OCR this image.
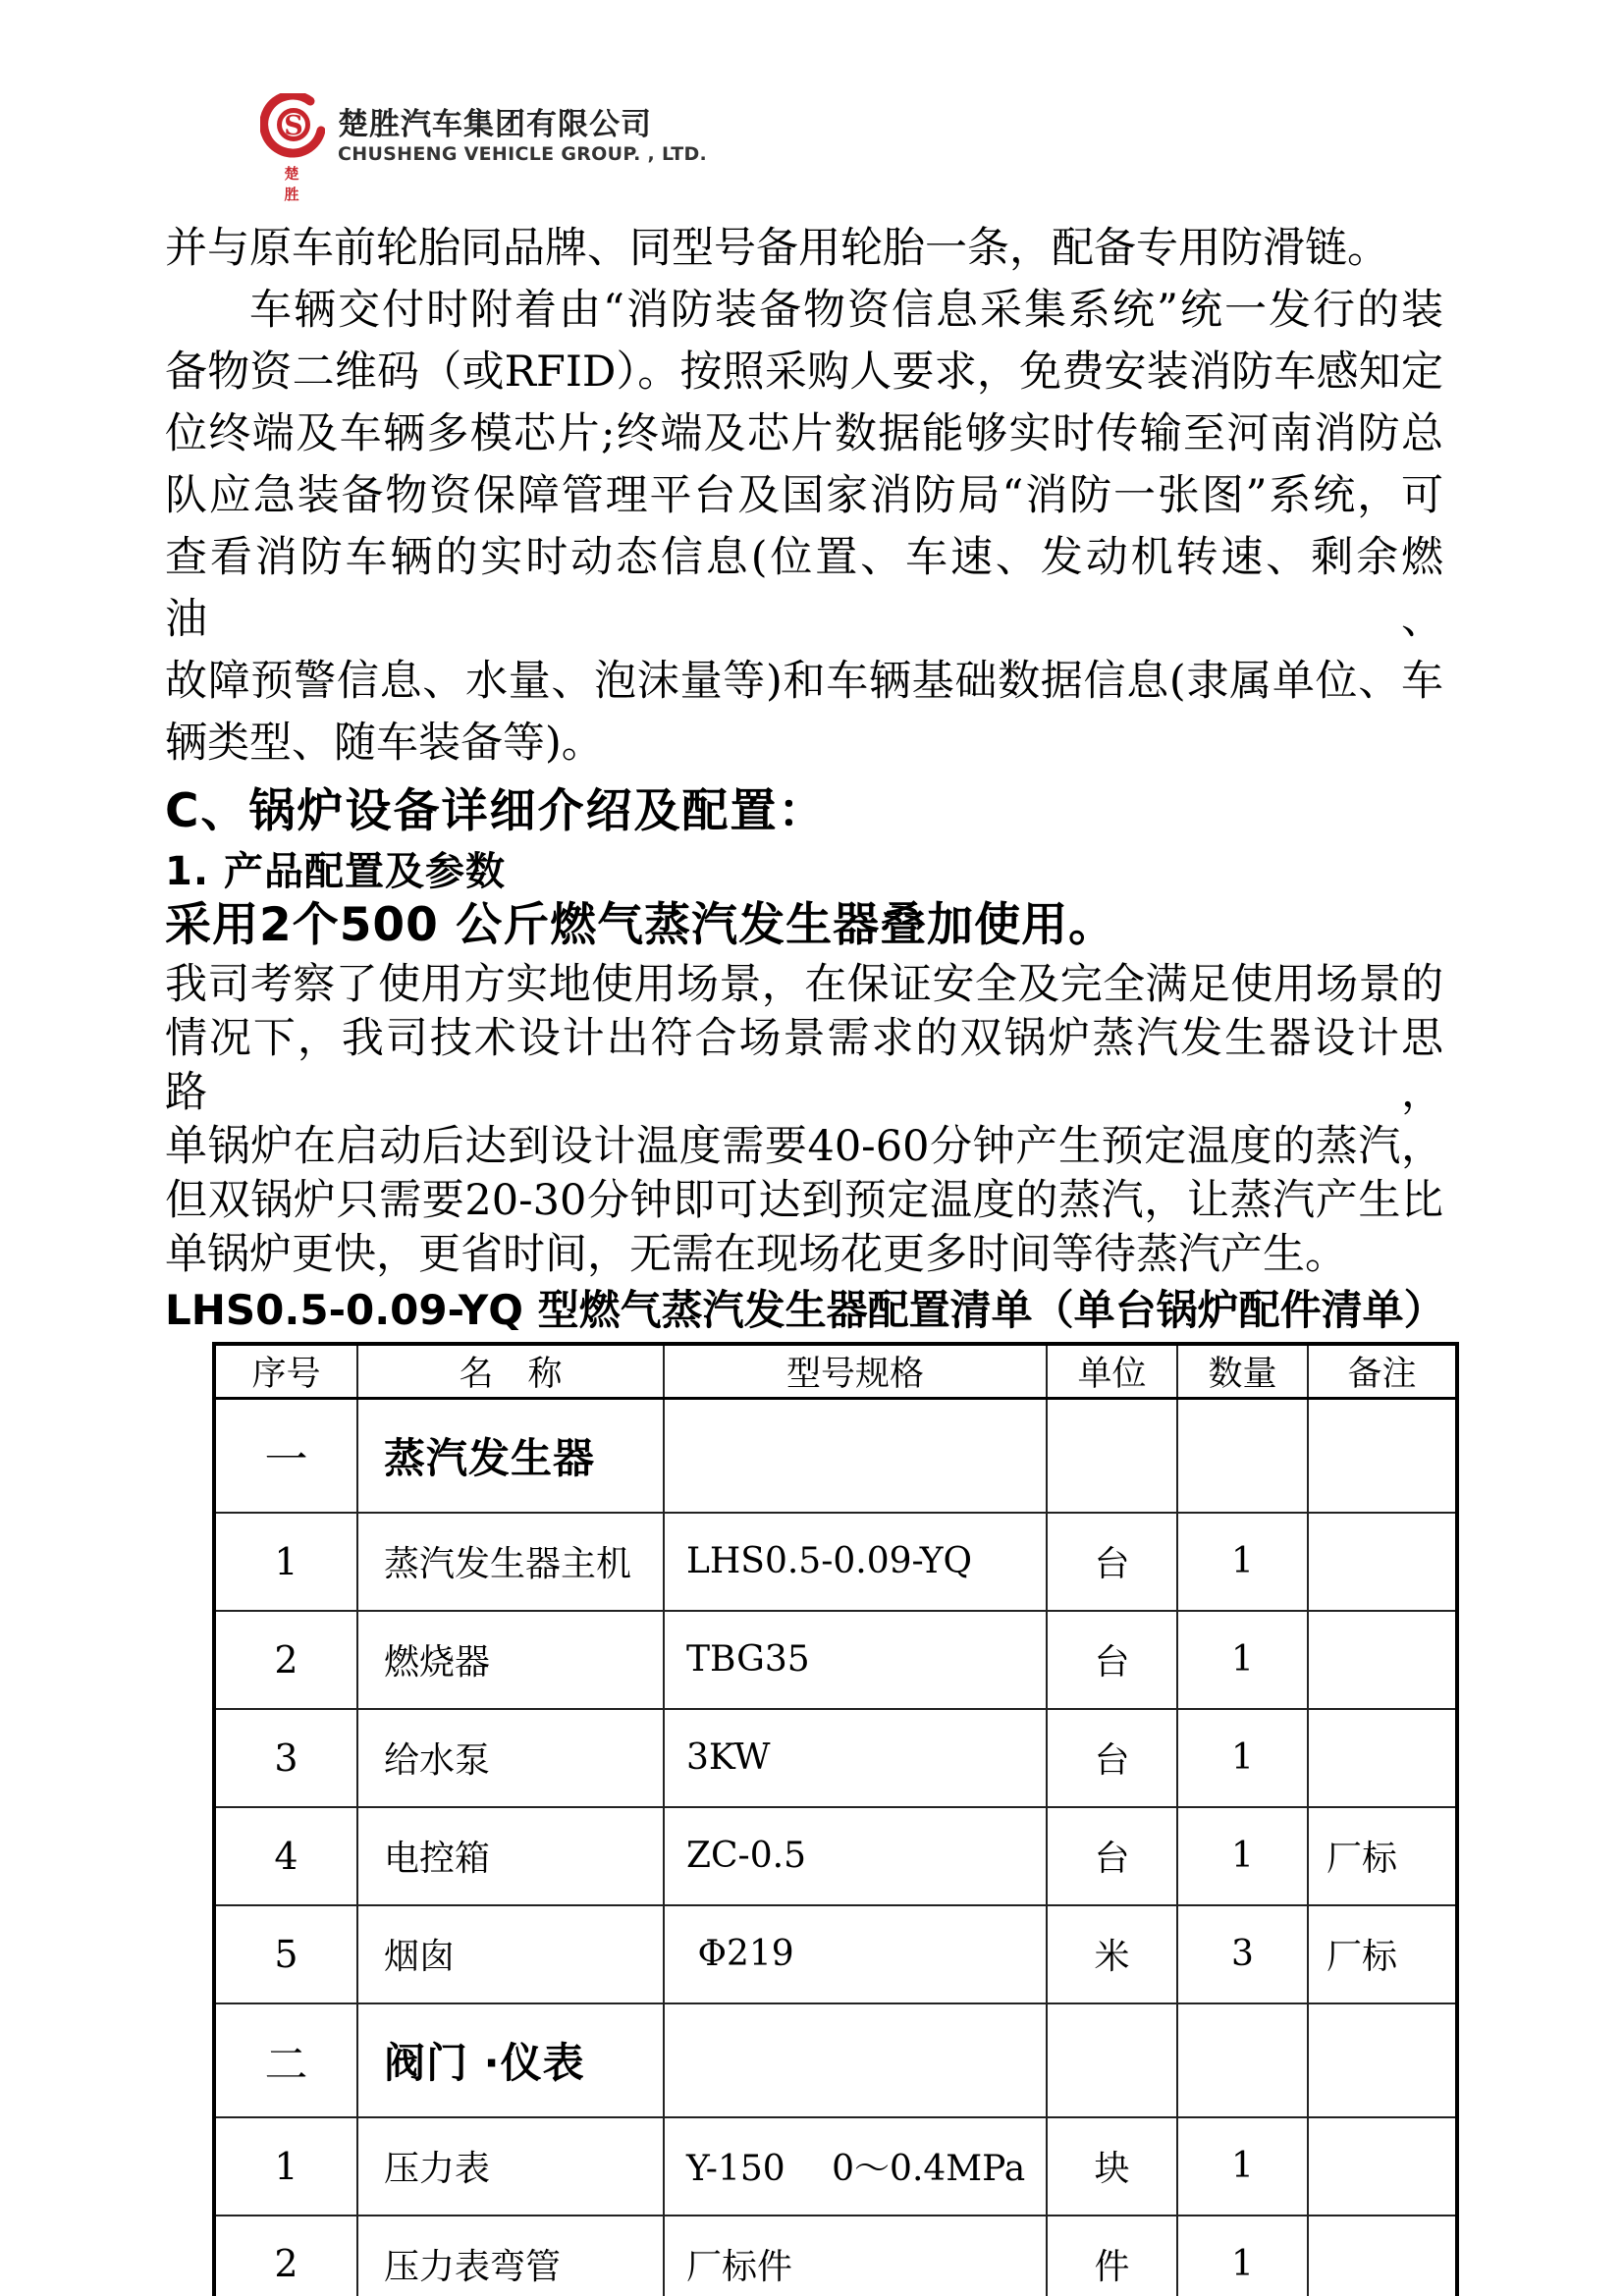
S
楚 胜
楚胜汽车集团有限公司
CHUSHENG VEHICLE GROUP. , LTD.
并与原车前轮胎同品牌、同型号备用轮胎一条，配备专用防滑链。
车辆交付时附着由“消防装备物资信息采集系统”统一发行的装
备物资二维码（或RFID）。按照采购人要求，免费安装消防车感知定
位终端及车辆多模芯片;终端及芯片数据能够实时传输至河南消防总
队应急装备物资保障管理平台及国家消防局“消防一张图”系统，可
查看消防车辆的实时动态信息(位置、车速、发动机转速、剩余燃油、
故障预警信息、水量、泡沫量等)和车辆基础数据信息(隶属单位、车
辆类型、随车装备等)。
C、锅炉设备详细介绍及配置：
1. 产品配置及参数
采用2个500 公斤燃气蒸汽发生器叠加使用。
我司考察了使用方实地使用场景，在保证安全及完全满足使用场景的
情况下，我司技术设计出符合场景需求的双锅炉蒸汽发生器设计思路，
单锅炉在启动后达到设计温度需要40-60分钟产生预定温度的蒸汽，
但双锅炉只需要20-30分钟即可达到预定温度的蒸汽，让蒸汽产生比
单锅炉更快，更省时间，无需在现场花更多时间等待蒸汽产生。
LHS0.5-0.09-YQ 型燃气蒸汽发生器配置清单（单台锅炉配件清单）
序号	名　称	型号规格	单位	数量	备注
一	蒸汽发生器				
1	蒸汽发生器主机	LHS0.5-0.09-YQ	台	1	
2	燃烧器	TBG35	台	1	
3	给水泵	3KW	台	1	
4	电控箱	ZC-0.5	台	1	厂标
5	烟囱	Φ219	米	3	厂标
二	阀门 ·仪表				
1	压力表	Y-150　 0～0.4MPa	块	1	
2	压力表弯管	厂标件	件	1	
